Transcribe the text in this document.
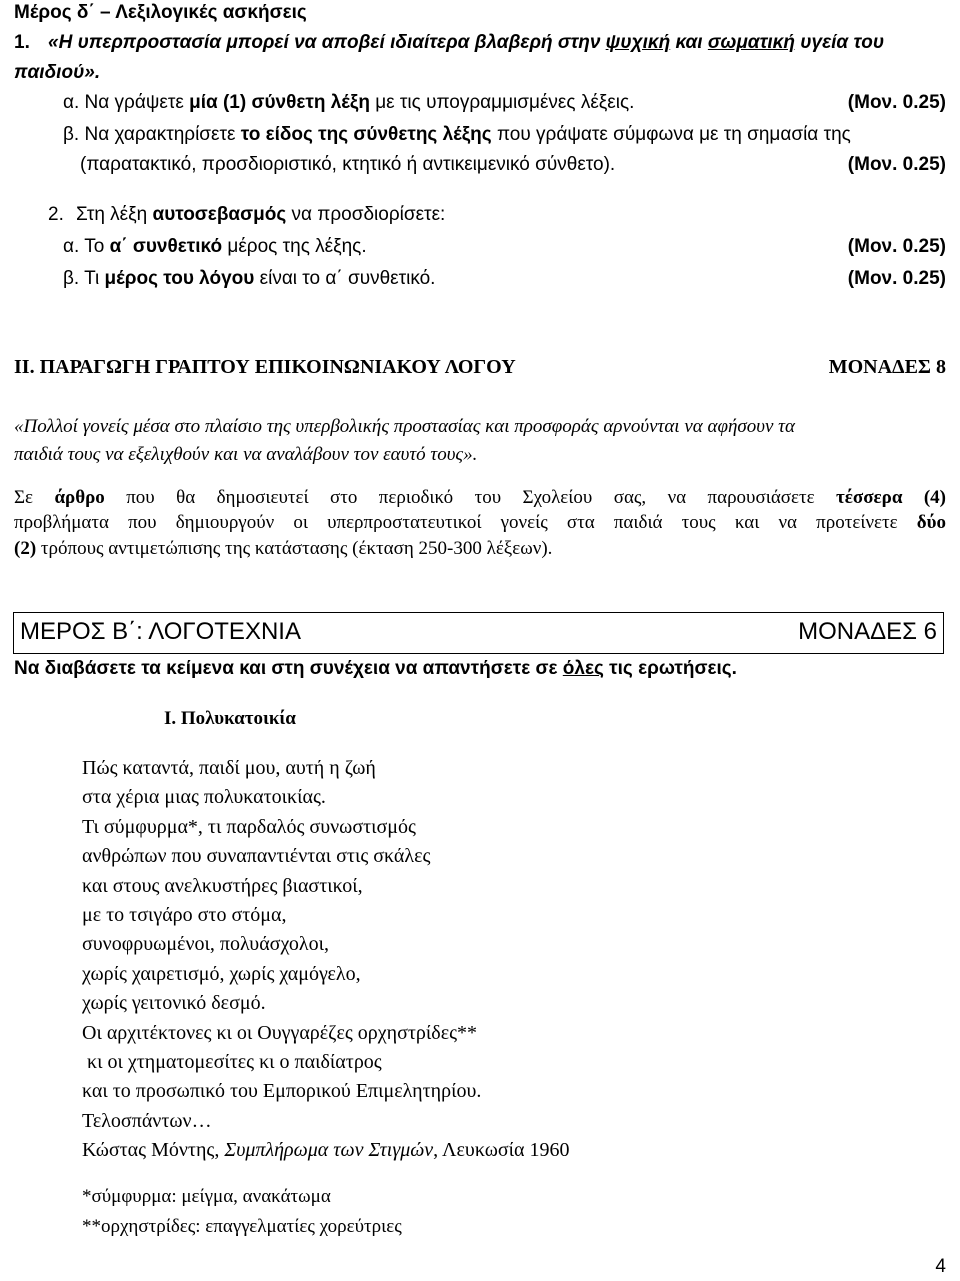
Μέρος δ΄ – Λεξιλογικές ασκήσεις
1. «Η υπερπροστασία μπορεί να αποβεί ιδιαίτερα βλαβερή στην ψυχική και σωματική υγεία του
παιδιού».
α. Να γράψετε μία (1) σύνθετη λέξη με τις υπογραμμισμένες λέξεις.	(Μον. 0.25)
β. Να χαρακτηρίσετε το είδος της σύνθετης λέξης που γράψατε σύμφωνα με τη σημασία της
(παρατακτικό, προσδιοριστικό, κτητικό ή αντικειμενικό σύνθετο).	(Μον. 0.25)
2. Στη λέξη αυτοσεβασμός να προσδιορίσετε:
α. Το α΄ συνθετικό μέρος της λέξης.	(Μον. 0.25)
β. Τι μέρος του λόγου είναι το α΄ συνθετικό.	(Μον. 0.25)
ΙΙ. ΠΑΡΑΓΩΓΗ ΓΡΑΠΤΟΥ ΕΠΙΚΟΙΝΩΝΙΑΚΟΥ ΛΟΓΟΥ	ΜΟΝΑΔΕΣ 8
«Πολλοί γονείς μέσα στο πλαίσιο της υπερβολικής προστασίας και προσφοράς αρνούνται να αφήσουν τα
παιδιά τους να εξελιχθούν και να αναλάβουν τον εαυτό τους».
Σε άρθρο που θα δημοσιευτεί στο περιοδικό του Σχολείου σας, να παρουσιάσετε τέσσερα (4)
προβλήματα που δημιουργούν οι υπερπροστατευτικοί γονείς στα παιδιά τους και να προτείνετε δύο
(2) τρόπους αντιμετώπισης της κατάστασης (έκταση 250-300 λέξεων).
ΜΕΡΟΣ Β΄: ΛΟΓΟΤΕΧΝΙΑ	ΜΟΝΑΔΕΣ 6
Να διαβάσετε τα κείμενα και στη συνέχεια να απαντήσετε σε όλες τις ερωτήσεις.
Ι. Πολυκατοικία
Πώς καταντά, παιδί μου, αυτή η ζωή
στα χέρια μιας πολυκατοικίας.
Τι σύμφυρμα*, τι παρδαλός συνωστισμός
ανθρώπων που συναπαντιένται στις σκάλες
και στους ανελκυστήρες βιαστικοί,
με το τσιγάρο στο στόμα,
συνοφρυωμένοι, πολυάσχολοι,
χωρίς χαιρετισμό, χωρίς χαμόγελο,
χωρίς γειτονικό δεσμό.
Οι αρχιτέκτονες κι οι Ουγγαρέζες ορχηστρίδες**
κι οι χτηματομεσίτες κι ο παιδίατρος
και το προσωπικό του Εμπορικού Επιμελητηρίου.
Τελοσπάντων…
Κώστας Μόντης, Συμπλήρωμα των Στιγμών, Λευκωσία 1960
*σύμφυρμα: μείγμα, ανακάτωμα
**ορχηστρίδες: επαγγελματίες χορεύτριες
4
